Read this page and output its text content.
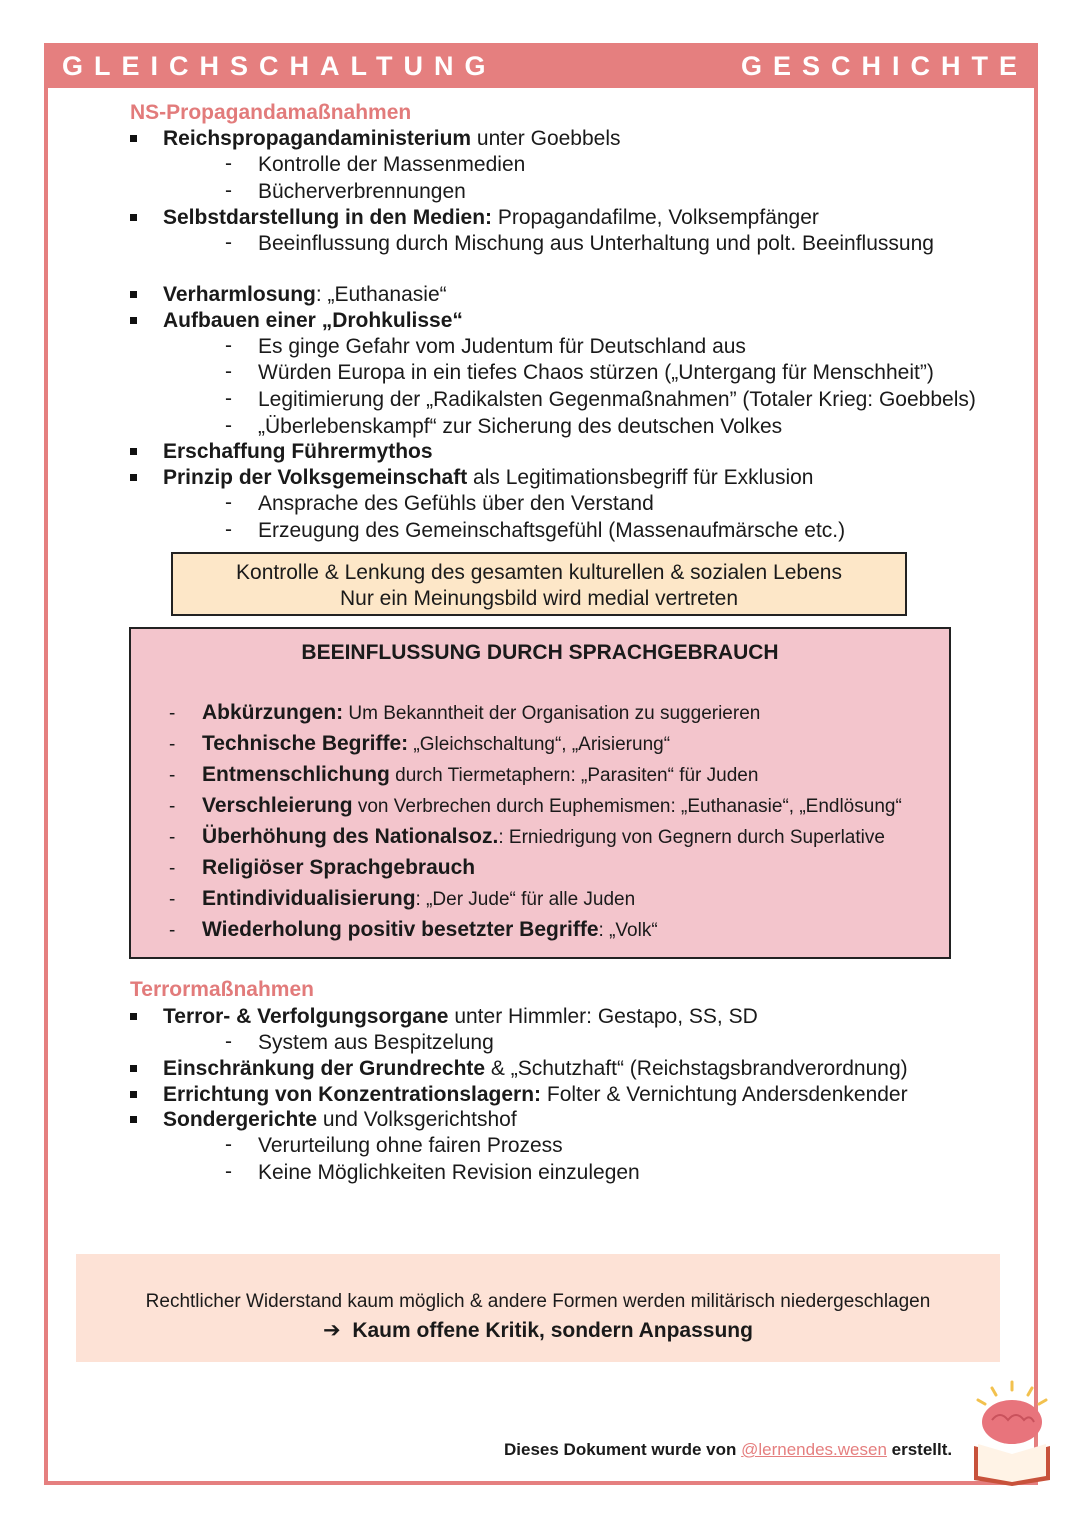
GLEICHSCHALTUNG	GESCHICHTE
NS-Propagandamaßnahmen
Reichspropagandaministerium unter Goebbels
- Kontrolle der Massenmedien
- Bücherverbrennungen
Selbstdarstellung in den Medien: Propagandafilme, Volksempfänger
- Beeinflussung durch Mischung aus Unterhaltung und polt. Beeinflussung
Verharmlosung: „Euthanasie“
Aufbauen einer „Drohkulisse“
- Es ginge Gefahr vom Judentum für Deutschland aus
- Würden Europa in ein tiefes Chaos stürzen („Untergang für Menschheit”)
- Legitimierung der „Radikalsten Gegenmaßnahmen” (Totaler Krieg: Goebbels)
- „Überlebenskampf“ zur Sicherung des deutschen Volkes
Erschaffung Führermythos
Prinzip der Volksgemeinschaft als Legitimationsbegriff für Exklusion
- Ansprache des Gefühls über den Verstand
- Erzeugung des Gemeinschaftsgefühl (Massenaufmärsche etc.)
Kontrolle & Lenkung des gesamten kulturellen & sozialen Lebens
Nur ein Meinungsbild wird medial vertreten
BEEINFLUSSUNG DURCH SPRACHGEBRAUCH
- Abkürzungen: Um Bekanntheit der Organisation zu suggerieren
- Technische Begriffe: „Gleichschaltung“, „Arisierung“
- Entmenschlichung durch Tiermetaphern: „Parasiten“ für Juden
- Verschleierung von Verbrechen durch Euphemismen: „Euthanasie“, „Endlösung“
- Überhöhung des Nationalsoz.: Erniedrigung von Gegnern durch Superlative
- Religiöser Sprachgebrauch
- Entindividualisierung: „Der Jude“ für alle Juden
- Wiederholung positiv besetzter Begriffe: „Volk“
Terrormaßnahmen
Terror- & Verfolgungsorgane unter Himmler: Gestapo, SS, SD
- System aus Bespitzelung
Einschränkung der Grundrechte & „Schutzhaft“ (Reichstagsbrandverordnung)
Errichtung von Konzentrationslagern: Folter & Vernichtung Andersdenkender
Sondergerichte und Volksgerichtshof
- Verurteilung ohne fairen Prozess
- Keine Möglichkeiten Revision einzulegen
Rechtlicher Widerstand kaum möglich & andere Formen werden militärisch niedergeschlagen
➔ Kaum offene Kritik, sondern Anpassung
Dieses Dokument wurde von @lernendes.wesen erstellt.
